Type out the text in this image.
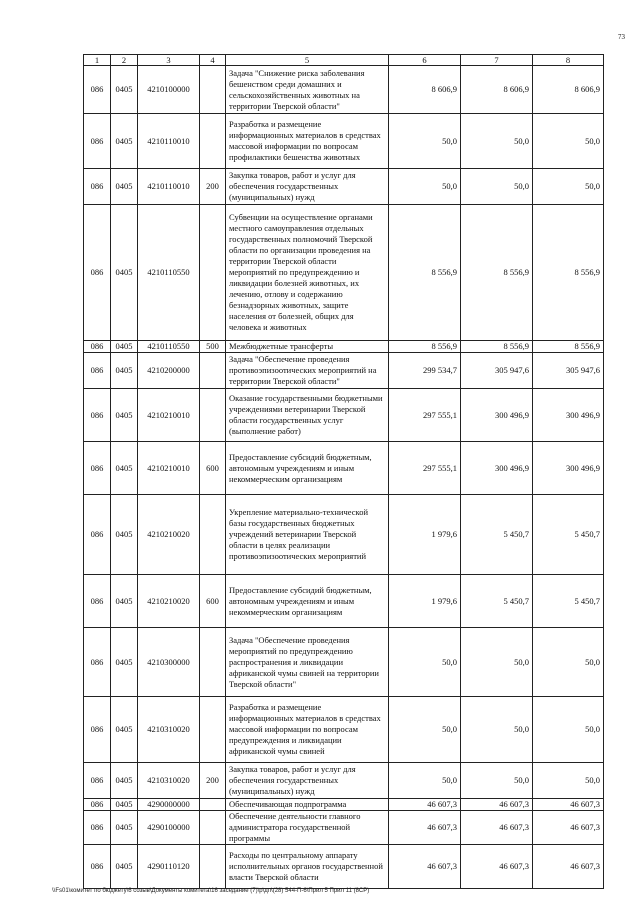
73
1	2	3	4	5	6	7	8
086	0405	4210100000		Задача "Снижение риска заболевания бешенством среди домашних и сельскохозяйственных животных на территории Тверской области"	8 606,9	8 606,9	8 606,9
086	0405	4210110010		Разработка и размещение информационных материалов в средствах массовой информации по вопросам профилактики бешенства животных	50,0	50,0	50,0
086	0405	4210110010	200	Закупка товаров, работ и услуг для обеспечения государственных (муниципальных) нужд	50,0	50,0	50,0
086	0405	4210110550		Субвенции на осуществление органами местного самоуправления отдельных государственных полномочий Тверской области по организации проведения на территории Тверской области мероприятий по предупреждению и ликвидации болезней животных, их лечению, отлову и содержанию безнадзорных животных, защите населения от болезней, общих для человека и животных	8 556,9	8 556,9	8 556,9
086	0405	4210110550	500	Межбюджетные трансферты	8 556,9	8 556,9	8 556,9
086	0405	4210200000		Задача "Обеспечение проведения противоэпизоотических мероприятий на территории Тверской области"	299 534,7	305 947,6	305 947,6
086	0405	4210210010		Оказание государственными бюджетными учреждениями ветеринарии Тверской области государственных услуг (выполнение работ)	297 555,1	300 496,9	300 496,9
086	0405	4210210010	600	Предоставление субсидий бюджетным, автономным учреждениям и иным некоммерческим организациям	297 555,1	300 496,9	300 496,9
086	0405	4210210020		Укрепление материально-технической базы государственных бюджетных учреждений ветеринарии Тверской области в целях реализации противоэпизоотических мероприятий	1 979,6	5 450,7	5 450,7
086	0405	4210210020	600	Предоставление субсидий бюджетным, автономным учреждениям и иным некоммерческим организациям	1 979,6	5 450,7	5 450,7
086	0405	4210300000		Задача "Обеспечение проведения мероприятий по предупреждению распространения и ликвидации африканской чумы свиней на территории Тверской области"	50,0	50,0	50,0
086	0405	4210310020		Разработка и размещение информационных материалов в средствах массовой информации по вопросам предупреждения и ликвидации африканской чумы свиней	50,0	50,0	50,0
086	0405	4210310020	200	Закупка товаров, работ и услуг для обеспечения государственных (муниципальных) нужд	50,0	50,0	50,0
086	0405	4290000000		Обеспечивающая подпрограмма	46 607,3	46 607,3	46 607,3
086	0405	4290100000		Обеспечение деятельности главного администратора государственной программы	46 607,3	46 607,3	46 607,3
086	0405	4290110120		Расходы по центральному аппарату исполнительных органов государственной власти Тверской области	46 607,3	46 607,3	46 607,3
\\Fs01\комитет по бюджету\6 созыв\Документы комитета\16 заседание (7)\р\дп\(28) 544-П-6\Прил 5 Прил 11 (8СР)
